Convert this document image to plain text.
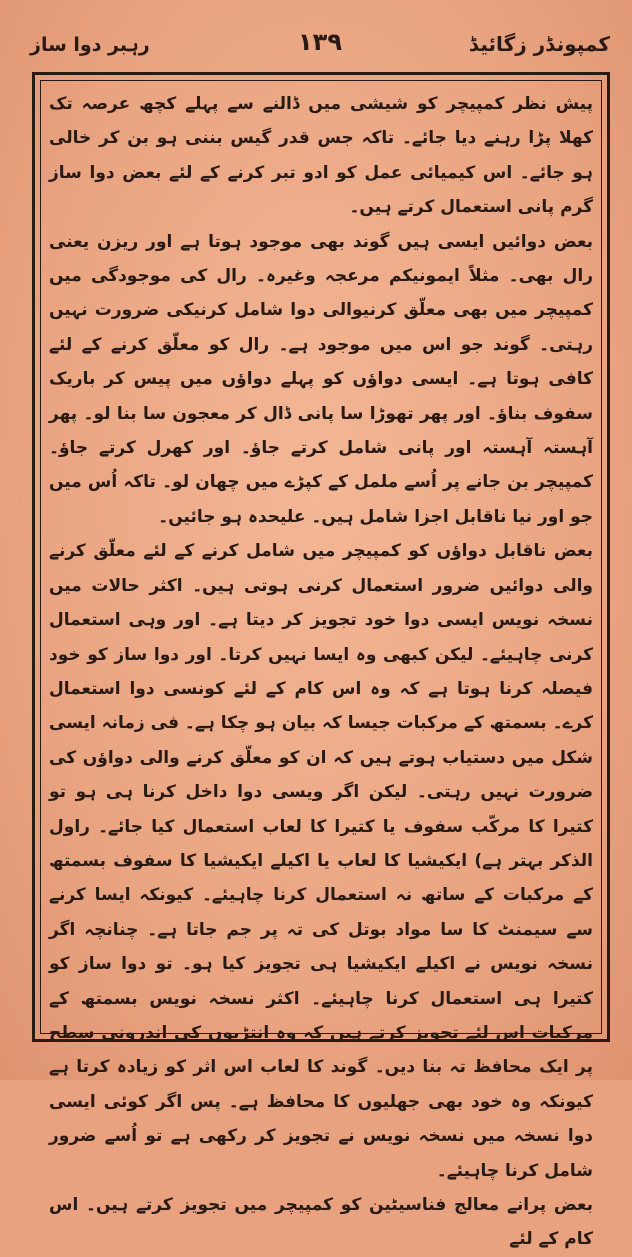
کمپونڈر زگائیڈ
۱۳۹
رہبر دوا ساز

پیش نظر کمپیچر کو شیشی میں ڈالنے سے پہلے کچھ عرصہ تک کھلا پڑا رہنے دیا جائے۔ تاکہ جس قدر گیس بننی ہو بن کر خالی ہو جائے۔ اس کیمیائی عمل کو ادو تبر کرنے کے لئے بعض دوا ساز گرم پانی استعمال کرتے ہیں۔

بعض دوائیں ایسی ہیں گوند بھی موجود ہوتا ہے اور ریزن یعنی رال بھی۔ مثلاً ایمونیکم مرعجہ وغیرہ۔ رال کی موجودگی میں کمپیچر میں بھی معلّق کرنیوالی دوا شامل کرنیکی ضرورت نہیں رہتی۔ گوند جو اس میں موجود ہے۔ رال کو معلّق کرنے کے لئے کافی ہوتا ہے۔ ایسی دواؤں کو پہلے دواؤں میں پیس کر باریک سفوف بناؤ۔ اور پھر تھوڑا سا پانی ڈال کر معجون سا بنا لو۔ پھر آہستہ آہستہ اور پانی شامل کرتے جاؤ۔ اور کھرل کرتے جاؤ۔ کمپیچر بن جانے پر اُسے ململ کے کپڑے میں چھان لو۔ تاکہ اُس میں جو اور نیا ناقابل اجزا شامل ہیں۔ علیحدہ ہو جائیں۔

بعض ناقابل دواؤں کو کمپیچر میں شامل کرنے کے لئے معلّق کرنے والی دوائیں ضرور استعمال کرنی ہوتی ہیں۔ اکثر حالات میں نسخہ نویس ایسی دوا خود تجویز کر دیتا ہے۔ اور وہی استعمال کرنی چاہیئے۔ لیکن کبھی وہ ایسا نہیں کرتا۔ اور دوا ساز کو خود فیصلہ کرنا ہوتا ہے کہ وہ اس کام کے لئے کونسی دوا استعمال کرے۔ بسمتھ کے مرکبات جیسا کہ بیان ہو چکا ہے۔ فی زمانہ ایسی شکل میں دستیاب ہوتے ہیں کہ ان کو معلّق کرنے والی دواؤں کی ضرورت نہیں رہتی۔ لیکن اگر ویسی دوا داخل کرنا ہی ہو تو کتیرا کا مرکّب سفوف یا کتیرا کا لعاب استعمال کیا جائے۔ راول الذکر بہتر ہے) ایکیشیا کا لعاب یا اکیلے ایکیشیا کا سفوف بسمتھ کے مرکبات کے ساتھ نہ استعمال کرنا چاہیئے۔ کیونکہ ایسا کرنے سے سیمنٹ کا سا مواد بوتل کی تہ پر جم جاتا ہے۔ چنانچہ اگر نسخہ نویس نے اکیلے ایکیشیا ہی تجویز کیا ہو۔ تو دوا ساز کو کتیرا ہی استعمال کرنا چاہیئے۔ اکثر نسخہ نویس بسمتھ کے مرکبات اس لئے تجویز کرتے ہیں کہ وہ انتڑیوں کی اندرونی سطح پر ایک محافظ تہ بنا دیں۔ گوند کا لعاب اس اثر کو زیادہ کرتا ہے کیونکہ وہ خود بھی جھلیوں کا محافظ ہے۔ پس اگر کوئی ایسی دوا نسخہ میں نسخہ نویس نے تجویز کر رکھی ہے تو اُسے ضرور شامل کرنا چاہیئے۔

بعض پرانے معالج فناسیٹین کو کمپیچر میں تجویز کرتے ہیں۔ اس کام کے لئے
